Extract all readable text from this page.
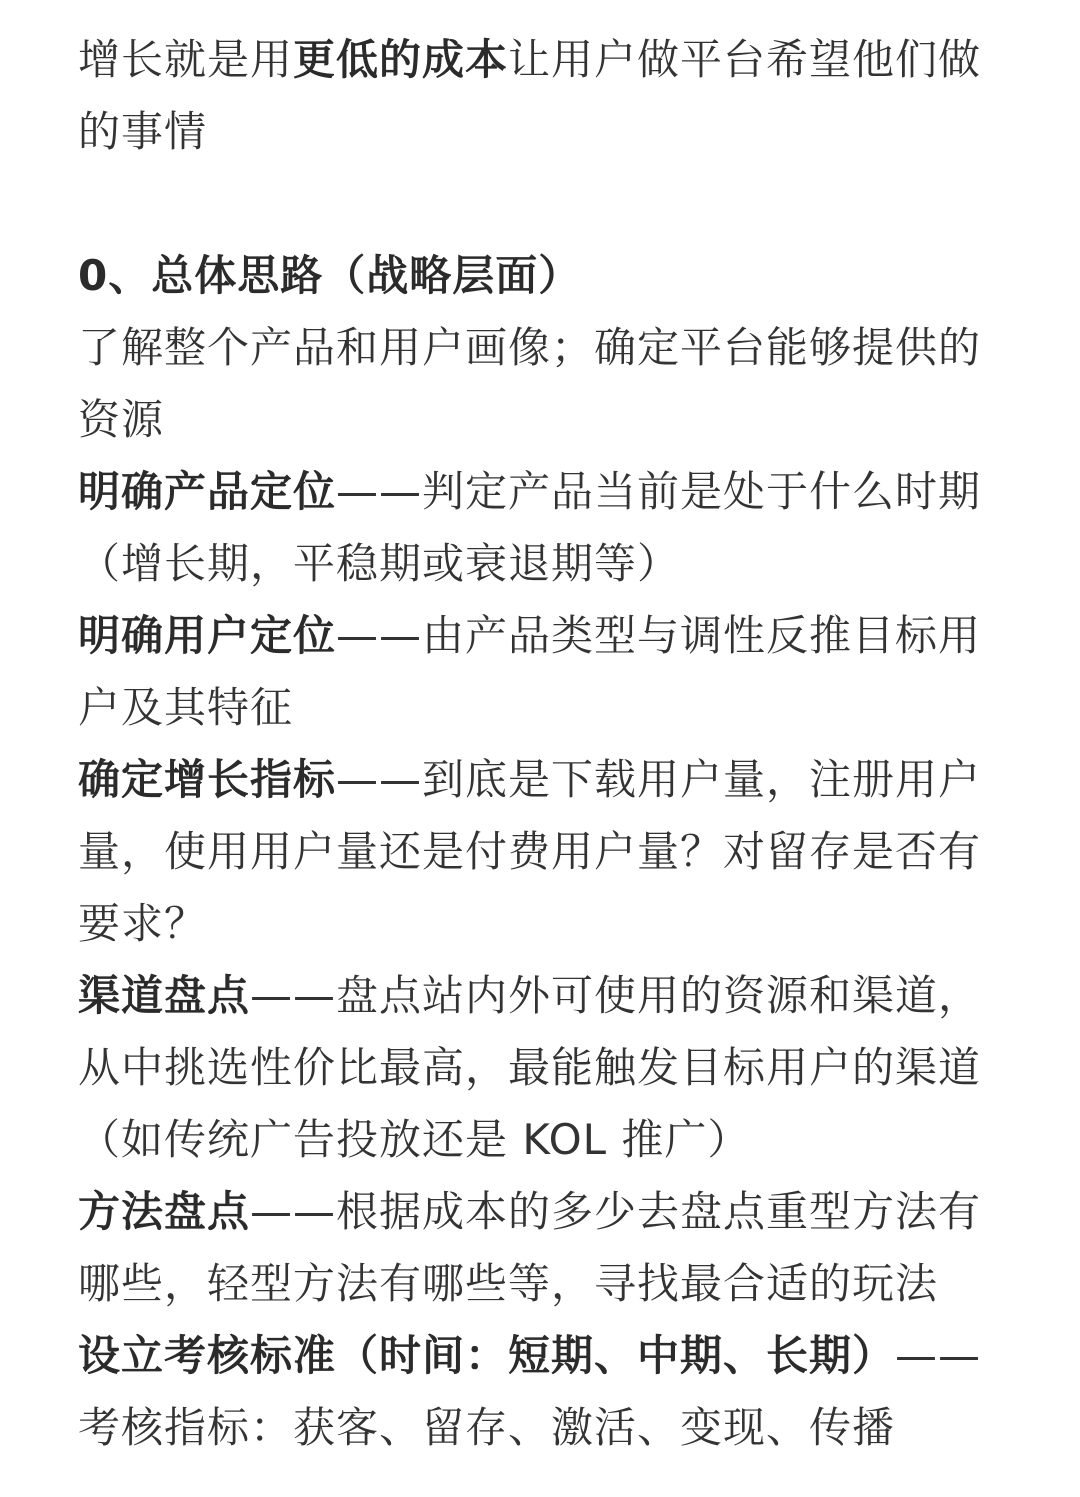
增长就是用更低的成本让用户做平台希望他们做的事情

0、总体思路（战略层面）

了解整个产品和用户画像；确定平台能够提供的资源

明确产品定位——判定产品当前是处于什么时期（增长期，平稳期或衰退期等）

明确用户定位——由产品类型与调性反推目标用户及其特征

确定增长指标——到底是下载用户量，注册用户量，使用用户量还是付费用户量？对留存是否有要求？

渠道盘点——盘点站内外可使用的资源和渠道，从中挑选性价比最高，最能触发目标用户的渠道（如传统广告投放还是 KOL 推广）

方法盘点——根据成本的多少去盘点重型方法有哪些，轻型方法有哪些等，寻找最合适的玩法

设立考核标准（时间：短期、中期、长期）——考核指标：获客、留存、激活、变现、传播
